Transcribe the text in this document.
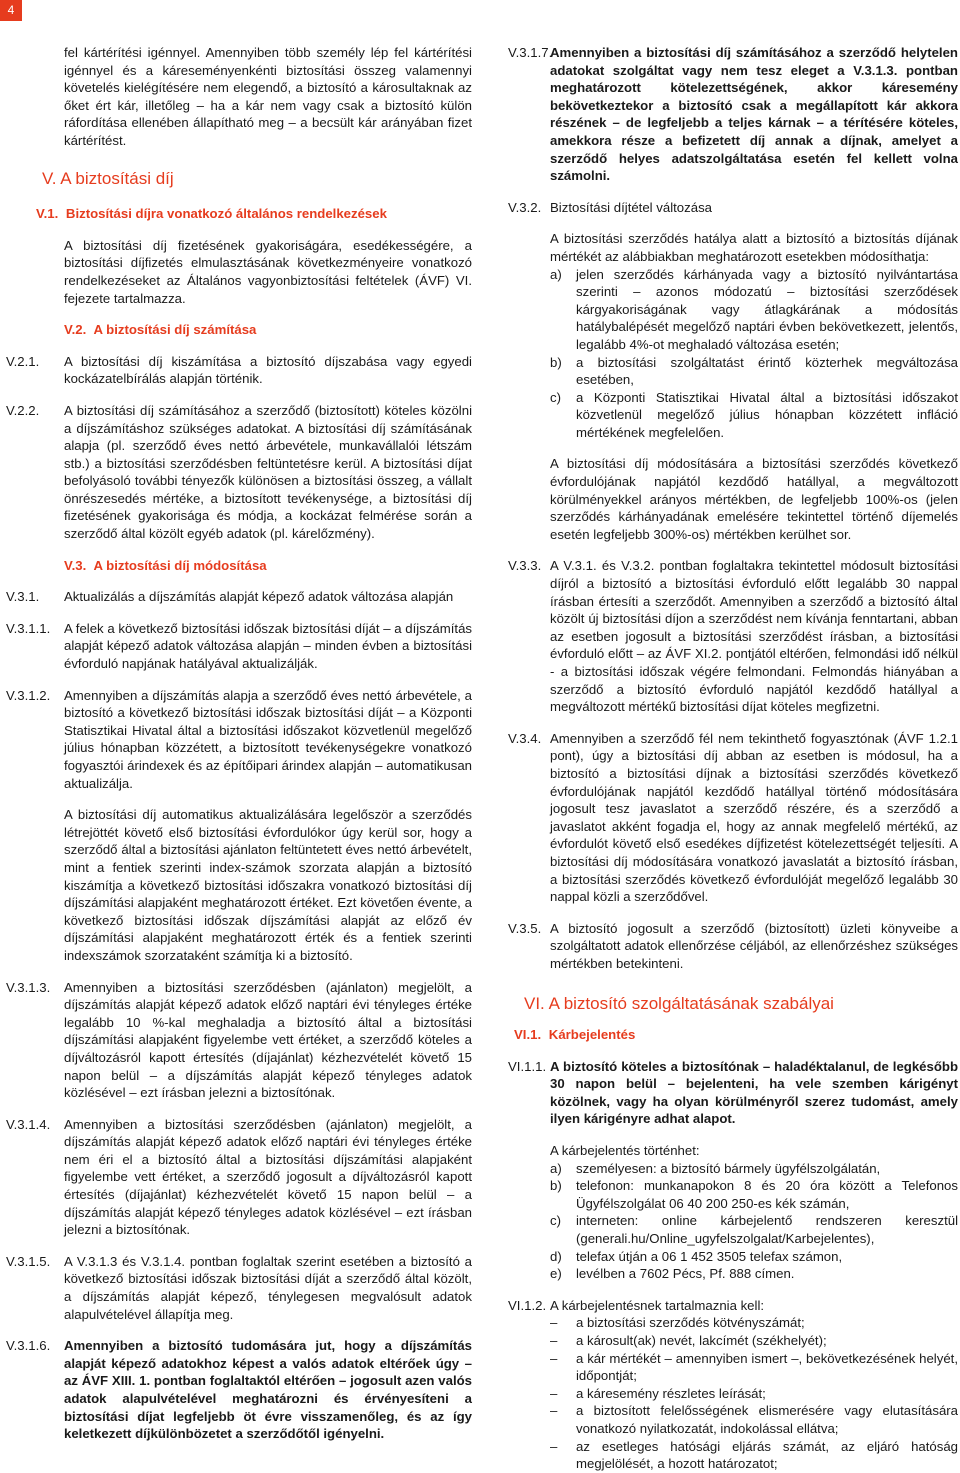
4

fel kártérítési igénnyel. Amennyiben több személy lép fel kártérítési igénnyel és a káreseményenkénti biztosítási összeg valamennyi követelés kielégítésére nem elegendő, a biztosító a károsultaknak az őket ért kár, illetőleg – ha a kár nem vagy csak a biztosító külön ráfordítása ellenében állapítható meg – a becsült kár arányában fizet kártérítést.

V. A biztosítási díj
V.1. Biztosítási díjra vonatkozó általános rendelkezések

A biztosítási díj fizetésének gyakoriságára, esedékességére, a biztosítási díjfizetés elmulasztásának következményeire vonatkozó rendelkezéseket az Általános vagyonbiztosítási feltételek (ÁVF) VI. fejezete tartalmazza.

V.2. A biztosítási díj számítása
V.2.1. A biztosítási díj kiszámítása a biztosító díjszabása vagy egyedi kockázatelbírálás alapján történik.
V.2.2. A biztosítási díj számításához a szerződő (biztosított) köteles közölni a díjszámításhoz szükséges adatokat. A biztosítási díj számításának alapja (pl. szerződő éves nettó árbevétele, munkavállalói létszám stb.) a biztosítási szerződésben feltüntetésre kerül. A biztosítási díjat befolyásoló további tényezők különösen a biztosítási összeg, a vállalt önrészesedés mértéke, a biztosított tevékenysége, a biztosítási díj fizetésének gyakorisága és módja, a kockázat felmérése során a szerződő által közölt egyéb adatok (pl. kárelőzmény).
V.3. A biztosítási díj módosítása
V.3.1. Aktualizálás a díjszámítás alapját képező adatok változása alapján
V.3.1.1. A felek a következő biztosítási időszak biztosítási díját – a díjszámítás alapját képező adatok változása alapján – minden évben a biztosítási évforduló napjának hatályával aktualizálják.
V.3.1.2. Amennyiben a díjszámítás alapja a szerződő éves nettó árbevétele, a biztosító a következő biztosítási időszak biztosítási díját – a Központi Statisztikai Hivatal által a biztosítási időszakot közvetlenül megelőző július hónapban közzétett, a biztosított tevékenységekre vonatkozó fogyasztói árindexek és az építőipari árindex alapján – automatikusan aktualizálja.

A biztosítási díj automatikus aktualizálására legelőször a szerződés létrejöttét követő első biztosítási évfordulókor úgy kerül sor, hogy a szerződő által a biztosítási ajánlaton feltüntetett éves nettó árbevételt, mint a fentiek szerinti index-számok szorzata alapján a biztosító kiszámítja a következő biztosítási időszakra vonatkozó biztosítási díj díjszámítási alapjaként meghatározott értéket. Ezt követően évente, a következő biztosítási időszak díjszámítási alapját az előző év díjszámítási alapjaként meghatározott érték és a fentiek szerinti indexszámok szorzataként számítja ki a biztosító.

V.3.1.3. Amennyiben a biztosítási szerződésben (ajánlaton) megjelölt, a díjszámítás alapját képező adatok előző naptári évi tényleges értéke legalább 10 %-kal meghaladja a biztosító által a biztosítási díjszámítási alapjaként figyelembe vett értéket, a szerződő köteles a díjváltozásról kapott értesítés (díjajánlat) kézhezvételét követő 15 napon belül – a díjszámítás alapját képező tényleges adatok közlésével – ezt írásban jelezni a biztosítónak.
V.3.1.4. Amennyiben a biztosítási szerződésben (ajánlaton) megjelölt, a díjszámítás alapját képező adatok előző naptári évi tényleges értéke nem éri el a biztosító által a biztosítási díjszámítási alapjaként figyelembe vett értéket, a szerződő jogosult a díjváltozásról kapott értesítés (díjajánlat) kézhezvételét követő 15 napon belül – a díjszámítás alapját képező tényleges adatok közlésével – ezt írásban jelezni a biztosítónak.
V.3.1.5. A V.3.1.3 és V.3.1.4. pontban foglaltak szerint esetében a biztosító a következő biztosítási időszak biztosítási díját a szerződő által közölt, a díjszámítás alapját képező, ténylegesen megvalósult adatok alapulvételével állapítja meg.
V.3.1.6. Amennyiben a biztosító tudomására jut, hogy a díjszámítás alapját képező adatokhoz képest a valós adatok eltérőek úgy – az ÁVF XIII. 1. pontban foglaltaktól eltérően – jogosult azen valós adatok alapulvételével meghatározni és érvényesíteni a biztosítási díjat legfeljebb öt évre visszamenőleg, és az így keletkezett díjkülönbözetet a szerződőtől igényelni.
V.3.1.7.
Amennyiben a biztosítási díj számításához a szerződő helytelen adatokat szolgáltat vagy nem tesz eleget a V.3.1.3. pontban meghatározott kötelezettségének, akkor káresemény bekövetkeztekor a biztosító csak a megállapított kár akkora részének – de legfeljebb a teljes kárnak – a térítésére köteles, amekkora része a befizetett díj annak a díjnak, amelyet a szerződő helyes adatszolgáltatása esetén fel kellett volna számolni.
V.3.2. Biztosítási díjtétel változása

A biztosítási szerződés hatálya alatt a biztosító a biztosítás díjának mértékét az alábbiakban meghatározott esetekben módosíthatja:

a) jelen szerződés kárhányada vagy a biztosító nyilvántartása szerinti – azonos módozatú – biztosítási szerződések kárgyakoriságának vagy átlagkárának a módosítás hatálybalépését megelőző naptári évben bekövetkezett, jelentős, legalább 4%-ot meghaladó változása esetén;
b) a biztosítási szolgáltatást érintő közterhek megváltozása esetében,
c) a Központi Statisztikai Hivatal által a biztosítási időszakot közvetlenül megelőző július hónapban közzétett infláció mértékének megfelelően.

A biztosítási díj módosítására a biztosítási szerződés következő évfordulójának napjától kezdődő hatállyal, a megváltozott körülményekkel arányos mértékben, de legfeljebb 100%-os (jelen szerződés kárhányadának emelésére tekintettel történő díjemelés esetén legfeljebb 300%-os) mértékben kerülhet sor.

V.3.3. A V.3.1. és V.3.2. pontban foglaltakra tekintettel módosult biztosítási díjról a biztosító a biztosítási évforduló előtt legalább 30 nappal írásban értesíti a szerződőt. Amennyiben a szerződő a biztosító által közölt új biztosítási díjon a szerződést nem kívánja fenntartani, abban az esetben jogosult a biztosítási szerződést írásban, a biztosítási évforduló előtt – az ÁVF XI.2. pontjától eltérően, felmondási idő nélkül - a biztosítási időszak végére felmondani. Felmondás hiányában a szerződő a biztosító évforduló napjától kezdődő hatállyal a megváltozott mértékű biztosítási díjat köteles megfizetni.
V.3.4. Amennyiben a szerződő fél nem tekinthető fogyasztónak (ÁVF 1.2.1 pont), úgy a biztosítási díj abban az esetben is módosul, ha a biztosító a biztosítási díjnak a biztosítási szerződés következő évfordulójának napjától kezdődő hatállyal történő módosítására jogosult tesz javaslatot a szerződő részére, és a szerződő a javaslatot akként fogadja el, hogy az annak megfelelő mértékű, az évfordulót követő első esedékes díjfizetést kötelezettségét teljesíti. A biztosítási díj módosítására vonatkozó javaslatát a biztosító írásban, a biztosítási szerződés következő évfordulóját megelőző legalább 30 nappal közli a szerződővel.
V.3.5. A biztosító jogosult a szerződő (biztosított) üzleti könyveibe a szolgáltatott adatok ellenőrzése céljából, az ellenőrzéshez szükséges mértékben betekinteni.
VI. A biztosító szolgáltatásának szabályai
VI.1. Kárbejelentés
VI.1.1. A biztosító köteles a biztosítónak – haladéktalanul, de legkésőbb 30 napon belül – bejelenteni, ha vele szemben kárigényt közölnek, vagy ha olyan körülményről szerez tudomást, amely ilyen kárigényre adhat alapot.

A kárbejelentés történhet:

a) személyesen: a biztosító bármely ügyfélszolgálatán,
b) telefonon: munkanapokon 8 és 20 óra között a Telefonos Ügyfélszolgálat 06 40 200 250-es kék számán,
c) interneten: online kárbejelentő rendszeren keresztül (generali.hu/Online_ugyfelszolgalat/Karbejelentes),
d) telefax útján a 06 1 452 3505 telefax számon,
e) levélben a 7602 Pécs, Pf. 888 címen.
VI.1.2. A kárbejelentésnek tartalmaznia kell:
– a biztosítási szerződés kötvényszámát;
– a károsult(ak) nevét, lakcímét (székhelyét);
– a kár mértékét – amennyiben ismert –, bekövetkezésének helyét, időpontját;
– a káresemény részletes leírását;
– a biztosított felelősségének elismerésére vagy elutasítására vonatkozó nyilatkozatát, indokolással ellátva;
– az esetleges hatósági eljárás számát, az eljáró hatóság megjelölését, a hozott határozatot;
